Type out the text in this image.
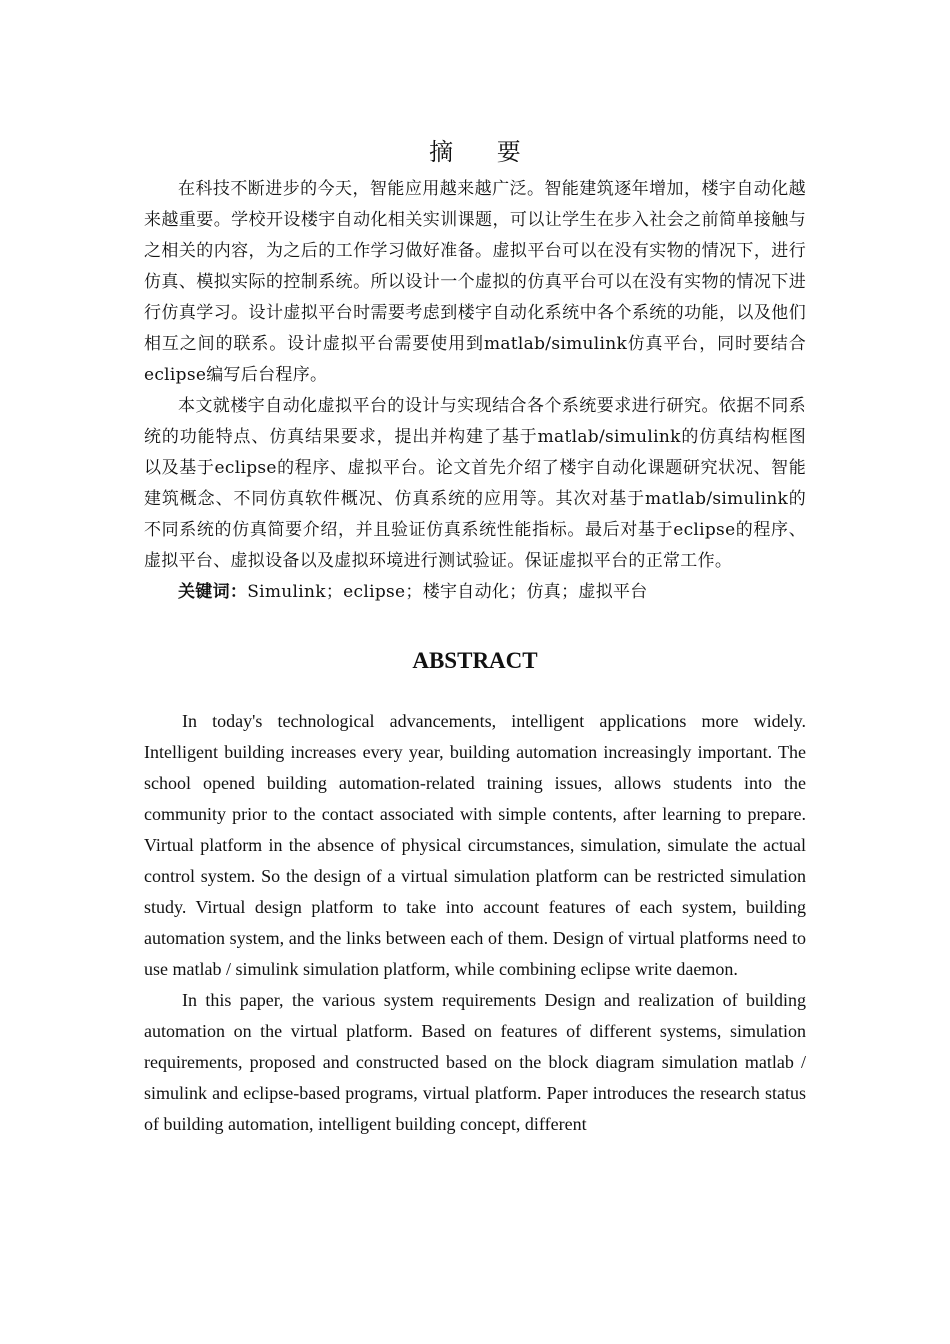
摘 要

在科技不断进步的今天，智能应用越来越广泛。智能建筑逐年增加，楼宇自动化越来越重要。学校开设楼宇自动化相关实训课题，可以让学生在步入社会之前简单接触与之相关的内容，为之后的工作学习做好准备。虚拟平台可以在没有实物的情况下，进行仿真、模拟实际的控制系统。所以设计一个虚拟的仿真平台可以在没有实物的情况下进行仿真学习。设计虚拟平台时需要考虑到楼宇自动化系统中各个系统的功能，以及他们相互之间的联系。设计虚拟平台需要使用到matlab/simulink仿真平台，同时要结合eclipse编写后台程序。

本文就楼宇自动化虚拟平台的设计与实现结合各个系统要求进行研究。依据不同系统的功能特点、仿真结果要求，提出并构建了基于matlab/simulink的仿真结构框图以及基于eclipse的程序、虚拟平台。论文首先介绍了楼宇自动化课题研究状况、智能建筑概念、不同仿真软件概况、仿真系统的应用等。其次对基于matlab/simulink的不同系统的仿真简要介绍，并且验证仿真系统性能指标。最后对基于eclipse的程序、虚拟平台、虚拟设备以及虚拟环境进行测试验证。保证虚拟平台的正常工作。

关键词：Simulink；eclipse；楼宇自动化；仿真；虚拟平台

ABSTRACT

In today's technological advancements, intelligent applications more widely. Intelligent building increases every year, building automation increasingly important. The school opened building automation-related training issues, allows students into the community prior to the contact associated with simple contents, after learning to prepare. Virtual platform in the absence of physical circumstances, simulation, simulate the actual control system. So the design of a virtual simulation platform can be restricted simulation study. Virtual design platform to take into account features of each system, building automation system, and the links between each of them. Design of virtual platforms need to use matlab / simulink simulation platform, while combining eclipse write daemon.

In this paper, the various system requirements Design and realization of building automation on the virtual platform. Based on features of different systems, simulation requirements, proposed and constructed based on the block diagram simulation matlab / simulink and eclipse-based programs, virtual platform. Paper introduces the research status of building automation, intelligent building concept, different
